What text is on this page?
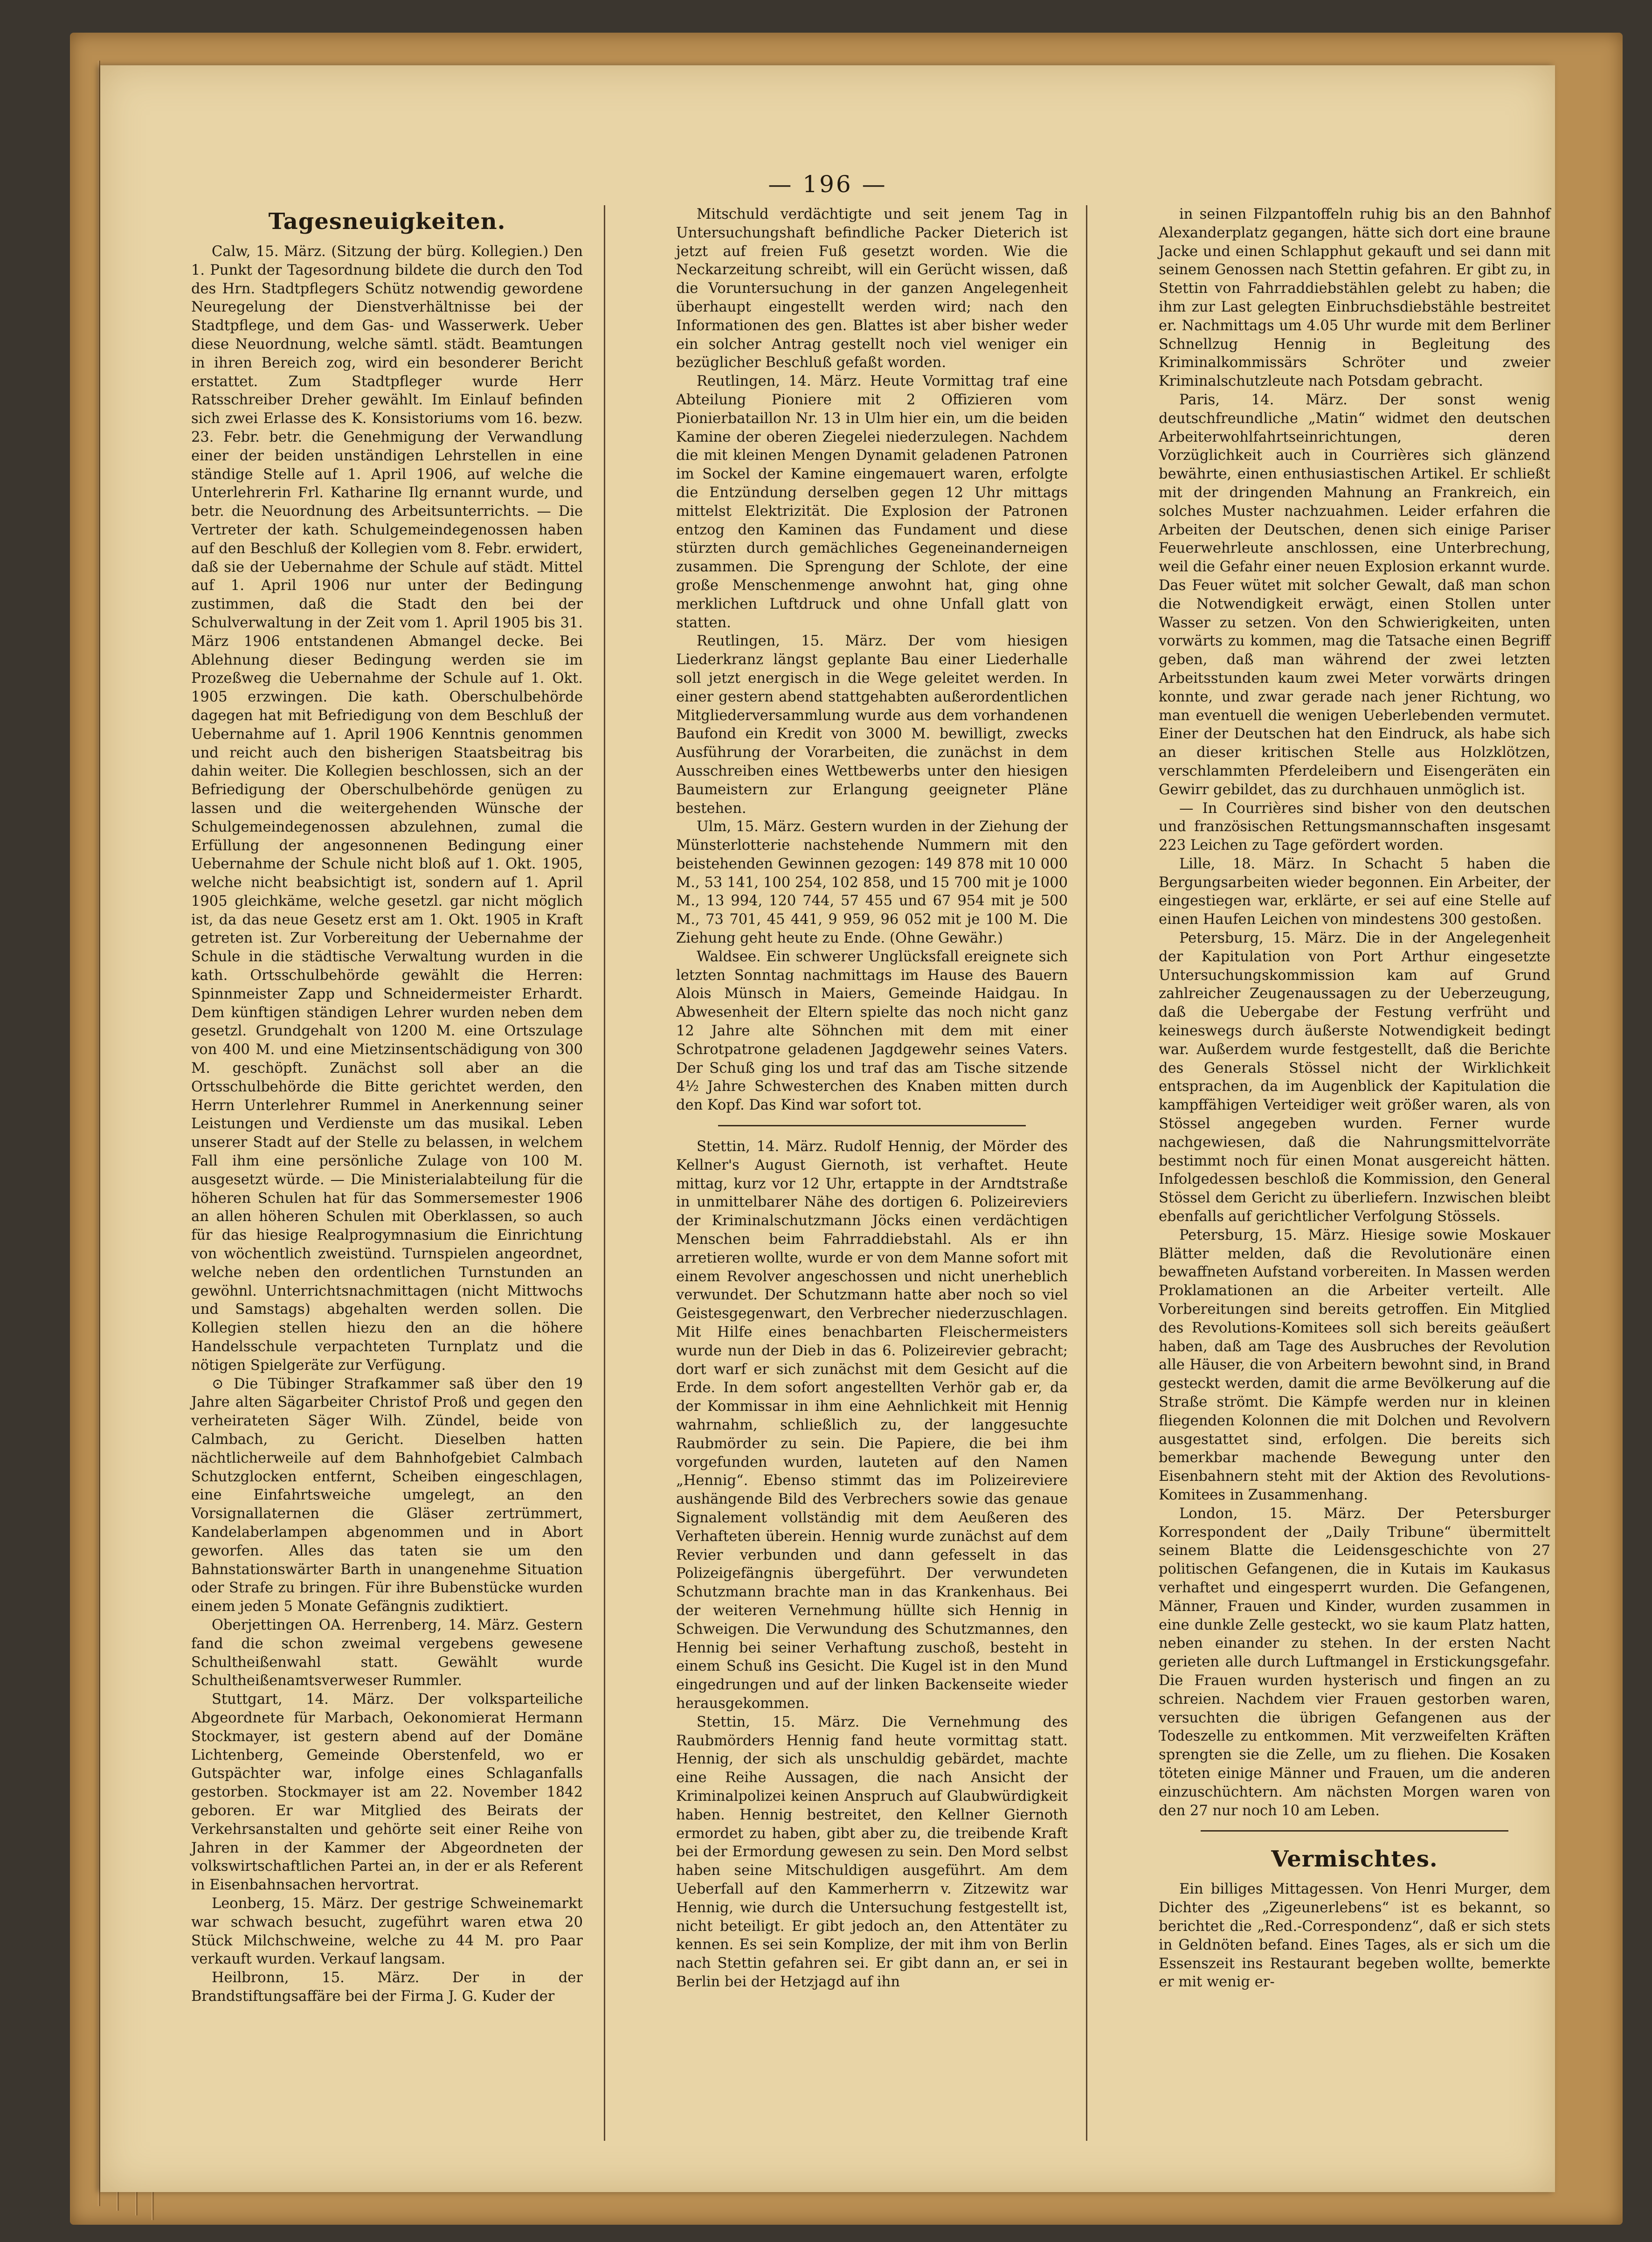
— 196 —
Tagesneuigkeiten.

Calw, 15. März. (Sitzung der bürg. Kollegien.) Den 1. Punkt der Tagesordnung bildete die durch den Tod des Hrn. Stadtpflegers Schütz notwendig gewordene Neuregelung der Dienstverhältnisse bei der Stadtpflege, und dem Gas- und Wasserwerk. Ueber diese Neuordnung, welche sämtl. städt. Beamtungen in ihren Bereich zog, wird ein besonderer Bericht erstattet. Zum Stadtpfleger wurde Herr Ratsschreiber Dreher gewählt. Im Einlauf befinden sich zwei Erlasse des K. Konsistoriums vom 16. bezw. 23. Febr. betr. die Genehmigung der Verwandlung einer der beiden unständigen Lehrstellen in eine ständige Stelle auf 1. April 1906, auf welche die Unterlehrerin Frl. Katharine Ilg ernannt wurde, und betr. die Neuordnung des Arbeitsunterrichts. — Die Vertreter der kath. Schulgemeindegenossen haben auf den Beschluß der Kollegien vom 8. Febr. erwidert, daß sie der Uebernahme der Schule auf städt. Mittel auf 1. April 1906 nur unter der Bedingung zustimmen, daß die Stadt den bei der Schulverwaltung in der Zeit vom 1. April 1905 bis 31. März 1906 entstandenen Abmangel decke. Bei Ablehnung dieser Bedingung werden sie im Prozeßweg die Uebernahme der Schule auf 1. Okt. 1905 erzwingen. Die kath. Oberschulbehörde dagegen hat mit Befriedigung von dem Beschluß der Uebernahme auf 1. April 1906 Kenntnis genommen und reicht auch den bisherigen Staatsbeitrag bis dahin weiter. Die Kollegien beschlossen, sich an der Befriedigung der Oberschulbehörde genügen zu lassen und die weitergehenden Wünsche der Schulgemeindegenossen abzulehnen, zumal die Erfüllung der angesonnenen Bedingung einer Uebernahme der Schule nicht bloß auf 1. Okt. 1905, welche nicht beabsichtigt ist, sondern auf 1. April 1905 gleichkäme, welche gesetzl. gar nicht möglich ist, da das neue Gesetz erst am 1. Okt. 1905 in Kraft getreten ist. Zur Vorbereitung der Uebernahme der Schule in die städtische Verwaltung wurden in die kath. Ortsschulbehörde gewählt die Herren: Spinnmeister Zapp und Schneidermeister Erhardt. Dem künftigen ständigen Lehrer wurden neben dem gesetzl. Grundgehalt von 1200 M. eine Ortszulage von 400 M. und eine Mietzinsentschädigung von 300 M. geschöpft. Zunächst soll aber an die Ortsschulbehörde die Bitte gerichtet werden, den Herrn Unterlehrer Rummel in Anerkennung seiner Leistungen und Verdienste um das musikal. Leben unserer Stadt auf der Stelle zu belassen, in welchem Fall ihm eine persönliche Zulage von 100 M. ausgesetzt würde. — Die Ministerialabteilung für die höheren Schulen hat für das Sommersemester 1906 an allen höheren Schulen mit Oberklassen, so auch für das hiesige Realprogymnasium die Einrichtung von wöchentlich zweistünd. Turnspielen angeordnet, welche neben den ordentlichen Turnstunden an gewöhnl. Unterrichtsnachmittagen (nicht Mittwochs und Samstags) abgehalten werden sollen. Die Kollegien stellen hiezu den an die höhere Handelsschule verpachteten Turnplatz und die nötigen Spielgeräte zur Verfügung.

⊙ Die Tübinger Strafkammer saß über den 19 Jahre alten Sägarbeiter Christof Proß und gegen den verheirateten Säger Wilh. Zündel, beide von Calmbach, zu Gericht. Dieselben hatten nächtlicherweile auf dem Bahnhofgebiet Calmbach Schutzglocken entfernt, Scheiben eingeschlagen, eine Einfahrtsweiche umgelegt, an den Vorsignallaternen die Gläser zertrümmert, Kandelaberlampen abgenommen und in Abort geworfen. Alles das taten sie um den Bahnstationswärter Barth in unangenehme Situation oder Strafe zu bringen. Für ihre Bubenstücke wurden einem jeden 5 Monate Gefängnis zudiktiert.

Oberjettingen OA. Herrenberg, 14. März. Gestern fand die schon zweimal vergebens gewesene Schultheißenwahl statt. Gewählt wurde Schultheißenamtsverweser Rummler.

Stuttgart, 14. März. Der volksparteiliche Abgeordnete für Marbach, Oekonomierat Hermann Stockmayer, ist gestern abend auf der Domäne Lichtenberg, Gemeinde Oberstenfeld, wo er Gutspächter war, infolge eines Schlaganfalls gestorben. Stockmayer ist am 22. November 1842 geboren. Er war Mitglied des Beirats der Verkehrsanstalten und gehörte seit einer Reihe von Jahren in der Kammer der Abgeordneten der volkswirtschaftlichen Partei an, in der er als Referent in Eisenbahnsachen hervortrat.

Leonberg, 15. März. Der gestrige Schweinemarkt war schwach besucht, zugeführt waren etwa 20 Stück Milchschweine, welche zu 44 M. pro Paar verkauft wurden. Verkauf langsam.

Heilbronn, 15. März. Der in der Brandstiftungsaffäre bei der Firma J. G. Kuder der

Mitschuld verdächtigte und seit jenem Tag in Untersuchungshaft befindliche Packer Dieterich ist jetzt auf freien Fuß gesetzt worden. Wie die Neckarzeitung schreibt, will ein Gerücht wissen, daß die Voruntersuchung in der ganzen Angelegenheit überhaupt eingestellt werden wird; nach den Informationen des gen. Blattes ist aber bisher weder ein solcher Antrag gestellt noch viel weniger ein bezüglicher Beschluß gefaßt worden.

Reutlingen, 14. März. Heute Vormittag traf eine Abteilung Pioniere mit 2 Offizieren vom Pionierbataillon Nr. 13 in Ulm hier ein, um die beiden Kamine der oberen Ziegelei niederzulegen. Nachdem die mit kleinen Mengen Dynamit geladenen Patronen im Sockel der Kamine eingemauert waren, erfolgte die Entzündung derselben gegen 12 Uhr mittags mittelst Elektrizität. Die Explosion der Patronen entzog den Kaminen das Fundament und diese stürzten durch gemächliches Gegeneinanderneigen zusammen. Die Sprengung der Schlote, der eine große Menschenmenge anwohnt hat, ging ohne merklichen Luftdruck und ohne Unfall glatt von statten.

Reutlingen, 15. März. Der vom hiesigen Liederkranz längst geplante Bau einer Liederhalle soll jetzt energisch in die Wege geleitet werden. In einer gestern abend stattgehabten außerordentlichen Mitgliederversammlung wurde aus dem vorhandenen Baufond ein Kredit von 3000 M. bewilligt, zwecks Ausführung der Vorarbeiten, die zunächst in dem Ausschreiben eines Wettbewerbs unter den hiesigen Baumeistern zur Erlangung geeigneter Pläne bestehen.

Ulm, 15. März. Gestern wurden in der Ziehung der Münsterlotterie nachstehende Nummern mit den beistehenden Gewinnen gezogen: 149 878 mit 10 000 M., 53 141, 100 254, 102 858, und 15 700 mit je 1000 M., 13 994, 120 744, 57 455 und 67 954 mit je 500 M., 73 701, 45 441, 9 959, 96 052 mit je 100 M. Die Ziehung geht heute zu Ende. (Ohne Gewähr.)

Waldsee. Ein schwerer Unglücksfall ereignete sich letzten Sonntag nachmittags im Hause des Bauern Alois Münsch in Maiers, Gemeinde Haidgau. In Abwesenheit der Eltern spielte das noch nicht ganz 12 Jahre alte Söhnchen mit dem mit einer Schrotpatrone geladenen Jagdgewehr seines Vaters. Der Schuß ging los und traf das am Tische sitzende 4½ Jahre Schwesterchen des Knaben mitten durch den Kopf. Das Kind war sofort tot.

Stettin, 14. März. Rudolf Hennig, der Mörder des Kellner's August Giernoth, ist verhaftet. Heute mittag, kurz vor 12 Uhr, ertappte in der Arndtstraße in unmittelbarer Nähe des dortigen 6. Polizeireviers der Kriminalschutzmann Jöcks einen verdächtigen Menschen beim Fahrraddiebstahl. Als er ihn arretieren wollte, wurde er von dem Manne sofort mit einem Revolver angeschossen und nicht unerheblich verwundet. Der Schutzmann hatte aber noch so viel Geistesgegenwart, den Verbrecher niederzuschlagen. Mit Hilfe eines benachbarten Fleischermeisters wurde nun der Dieb in das 6. Polizeirevier gebracht; dort warf er sich zunächst mit dem Gesicht auf die Erde. In dem sofort angestellten Verhör gab er, da der Kommissar in ihm eine Aehnlichkeit mit Hennig wahrnahm, schließlich zu, der langgesuchte Raubmörder zu sein. Die Papiere, die bei ihm vorgefunden wurden, lauteten auf den Namen „Hennig“. Ebenso stimmt das im Polizeireviere aushängende Bild des Verbrechers sowie das genaue Signalement vollständig mit dem Aeußeren des Verhafteten überein. Hennig wurde zunächst auf dem Revier verbunden und dann gefesselt in das Polizeigefängnis übergeführt. Der verwundeten Schutzmann brachte man in das Krankenhaus. Bei der weiteren Vernehmung hüllte sich Hennig in Schweigen. Die Verwundung des Schutzmannes, den Hennig bei seiner Verhaftung zuschoß, besteht in einem Schuß ins Gesicht. Die Kugel ist in den Mund eingedrungen und auf der linken Backenseite wieder herausgekommen.

Stettin, 15. März. Die Vernehmung des Raubmörders Hennig fand heute vormittag statt. Hennig, der sich als unschuldig gebärdet, machte eine Reihe Aussagen, die nach Ansicht der Kriminalpolizei keinen Anspruch auf Glaubwürdigkeit haben. Hennig bestreitet, den Kellner Giernoth ermordet zu haben, gibt aber zu, die treibende Kraft bei der Ermordung gewesen zu sein. Den Mord selbst haben seine Mitschuldigen ausgeführt. Am dem Ueberfall auf den Kammerherrn v. Zitzewitz war Hennig, wie durch die Untersuchung festgestellt ist, nicht beteiligt. Er gibt jedoch an, den Attentäter zu kennen. Es sei sein Komplize, der mit ihm von Berlin nach Stettin gefahren sei. Er gibt dann an, er sei in Berlin bei der Hetzjagd auf ihn

in seinen Filzpantoffeln ruhig bis an den Bahnhof Alexanderplatz gegangen, hätte sich dort eine braune Jacke und einen Schlapphut gekauft und sei dann mit seinem Genossen nach Stettin gefahren. Er gibt zu, in Stettin von Fahrraddiebstählen gelebt zu haben; die ihm zur Last gelegten Einbruchsdiebstähle bestreitet er. Nachmittags um 4.05 Uhr wurde mit dem Berliner Schnellzug Hennig in Begleitung des Kriminalkommissärs Schröter und zweier Kriminalschutzleute nach Potsdam gebracht.

Paris, 14. März. Der sonst wenig deutschfreundliche „Matin“ widmet den deutschen Arbeiterwohlfahrtseinrichtungen, deren Vorzüglichkeit auch in Courrières sich glänzend bewährte, einen enthusiastischen Artikel. Er schließt mit der dringenden Mahnung an Frankreich, ein solches Muster nachzuahmen. Leider erfahren die Arbeiten der Deutschen, denen sich einige Pariser Feuerwehrleute anschlossen, eine Unterbrechung, weil die Gefahr einer neuen Explosion erkannt wurde. Das Feuer wütet mit solcher Gewalt, daß man schon die Notwendigkeit erwägt, einen Stollen unter Wasser zu setzen. Von den Schwierigkeiten, unten vorwärts zu kommen, mag die Tatsache einen Begriff geben, daß man während der zwei letzten Arbeitsstunden kaum zwei Meter vorwärts dringen konnte, und zwar gerade nach jener Richtung, wo man eventuell die wenigen Ueberlebenden vermutet. Einer der Deutschen hat den Eindruck, als habe sich an dieser kritischen Stelle aus Holzklötzen, verschlammten Pferdeleibern und Eisengeräten ein Gewirr gebildet, das zu durchhauen unmöglich ist.

— In Courrières sind bisher von den deutschen und französischen Rettungsmannschaften insgesamt 223 Leichen zu Tage gefördert worden.

Lille, 18. März. In Schacht 5 haben die Bergungsarbeiten wieder begonnen. Ein Arbeiter, der eingestiegen war, erklärte, er sei auf eine Stelle auf einen Haufen Leichen von mindestens 300 gestoßen.

Petersburg, 15. März. Die in der Angelegenheit der Kapitulation von Port Arthur eingesetzte Untersuchungskommission kam auf Grund zahlreicher Zeugenaussagen zu der Ueberzeugung, daß die Uebergabe der Festung verfrüht und keineswegs durch äußerste Notwendigkeit bedingt war. Außerdem wurde festgestellt, daß die Berichte des Generals Stössel nicht der Wirklichkeit entsprachen, da im Augenblick der Kapitulation die kampffähigen Verteidiger weit größer waren, als von Stössel angegeben wurden. Ferner wurde nachgewiesen, daß die Nahrungsmittelvorräte bestimmt noch für einen Monat ausgereicht hätten. Infolgedessen beschloß die Kommission, den General Stössel dem Gericht zu überliefern. Inzwischen bleibt ebenfalls auf gerichtlicher Verfolgung Stössels.

Petersburg, 15. März. Hiesige sowie Moskauer Blätter melden, daß die Revolutionäre einen bewaffneten Aufstand vorbereiten. In Massen werden Proklamationen an die Arbeiter verteilt. Alle Vorbereitungen sind bereits getroffen. Ein Mitglied des Revolutions-Komitees soll sich bereits geäußert haben, daß am Tage des Ausbruches der Revolution alle Häuser, die von Arbeitern bewohnt sind, in Brand gesteckt werden, damit die arme Bevölkerung auf die Straße strömt. Die Kämpfe werden nur in kleinen fliegenden Kolonnen die mit Dolchen und Revolvern ausgestattet sind, erfolgen. Die bereits sich bemerkbar machende Bewegung unter den Eisenbahnern steht mit der Aktion des Revolutions-Komitees in Zusammenhang.

London, 15. März. Der Petersburger Korrespondent der „Daily Tribune“ übermittelt seinem Blatte die Leidensgeschichte von 27 politischen Gefangenen, die in Kutais im Kaukasus verhaftet und eingesperrt wurden. Die Gefangenen, Männer, Frauen und Kinder, wurden zusammen in eine dunkle Zelle gesteckt, wo sie kaum Platz hatten, neben einander zu stehen. In der ersten Nacht gerieten alle durch Luftmangel in Erstickungsgefahr. Die Frauen wurden hysterisch und fingen an zu schreien. Nachdem vier Frauen gestorben waren, versuchten die übrigen Gefangenen aus der Todeszelle zu entkommen. Mit verzweifelten Kräften sprengten sie die Zelle, um zu fliehen. Die Kosaken töteten einige Männer und Frauen, um die anderen einzuschüchtern. Am nächsten Morgen waren von den 27 nur noch 10 am Leben.

Vermischtes.

Ein billiges Mittagessen. Von Henri Murger, dem Dichter des „Zigeunerlebens“ ist es bekannt, so berichtet die „Red.-Correspondenz“, daß er sich stets in Geldnöten befand. Eines Tages, als er sich um die Essenszeit ins Restaurant begeben wollte, bemerkte er mit wenig er-
